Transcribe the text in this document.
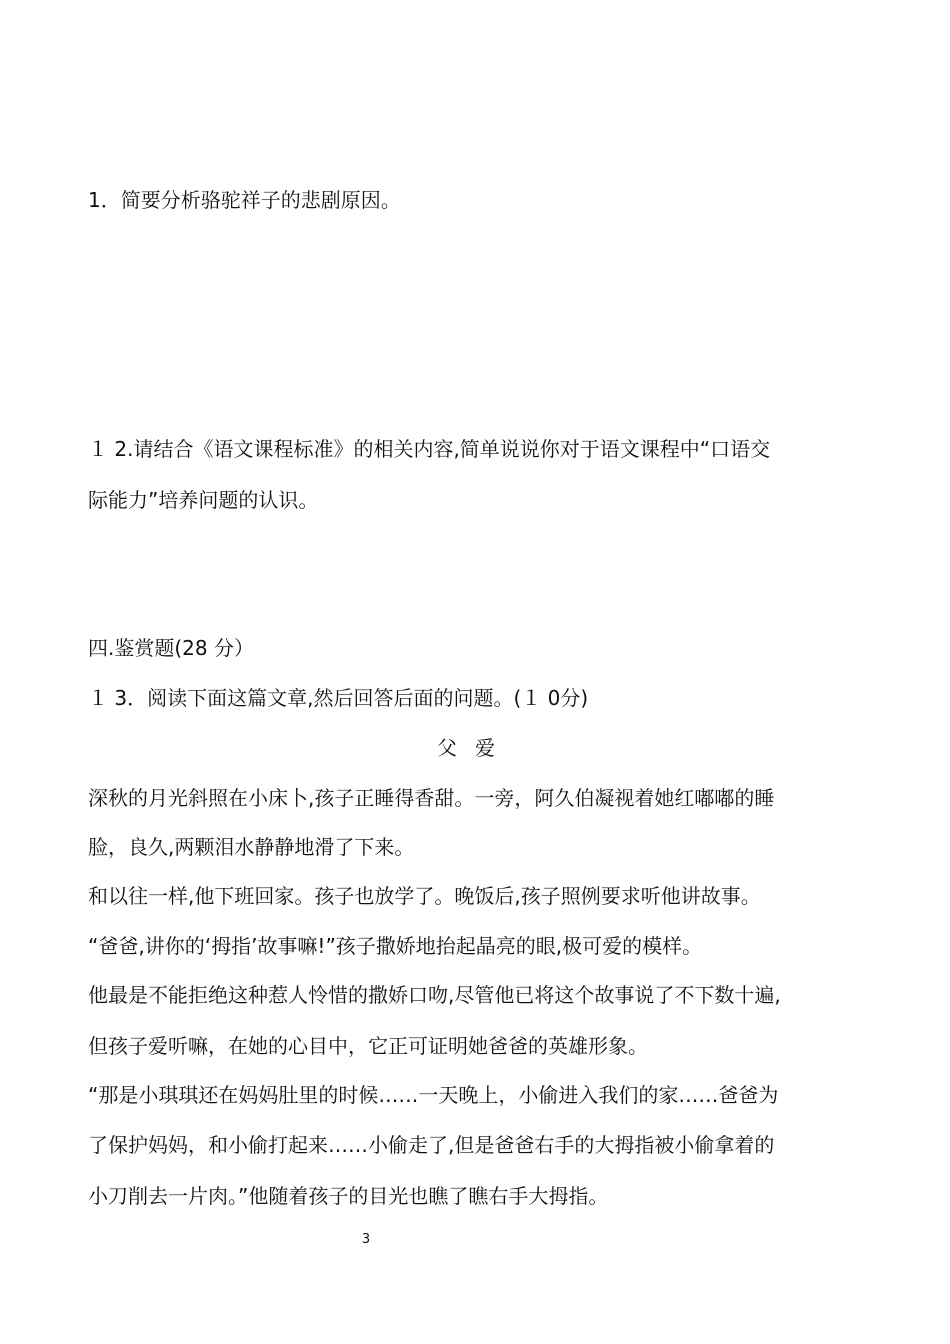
1．简要分析骆驼祥子的悲剧原因。
１ 2.请结合《语文课程标准》的相关内容,简单说说你对于语文课程中“口语交
际能力”培养问题的认识。
四.鉴赏题(28 分）
１ 3．阅读下面这篇文章,然后回答后面的问题。(１ 0分)
父爱
深秋的月光斜照在小床卜,孩子正睡得香甜。一旁，阿久伯凝视着她红嘟嘟的睡
脸，良久,两颗泪水静静地滑了下来。
和以往一样,他下班回家。孩子也放学了。晚饭后,孩子照例要求听他讲故事。
“爸爸,讲你的‘拇指’故事嘛!”孩子撒娇地抬起晶亮的眼,极可爱的模样。
他最是不能拒绝这种惹人怜惜的撒娇口吻,尽管他已将这个故事说了不下数十遍,
但孩子爱听嘛，在她的心目中，它正可证明她爸爸的英雄形象。
“那是小琪琪还在妈妈肚里的时候……一天晚上，小偷进入我们的家……爸爸为
了保护妈妈，和小偷打起来……小偷走了,但是爸爸右手的大拇指被小偷拿着的
小刀削去一片肉。”他随着孩子的目光也瞧了瞧右手大拇指。
3
